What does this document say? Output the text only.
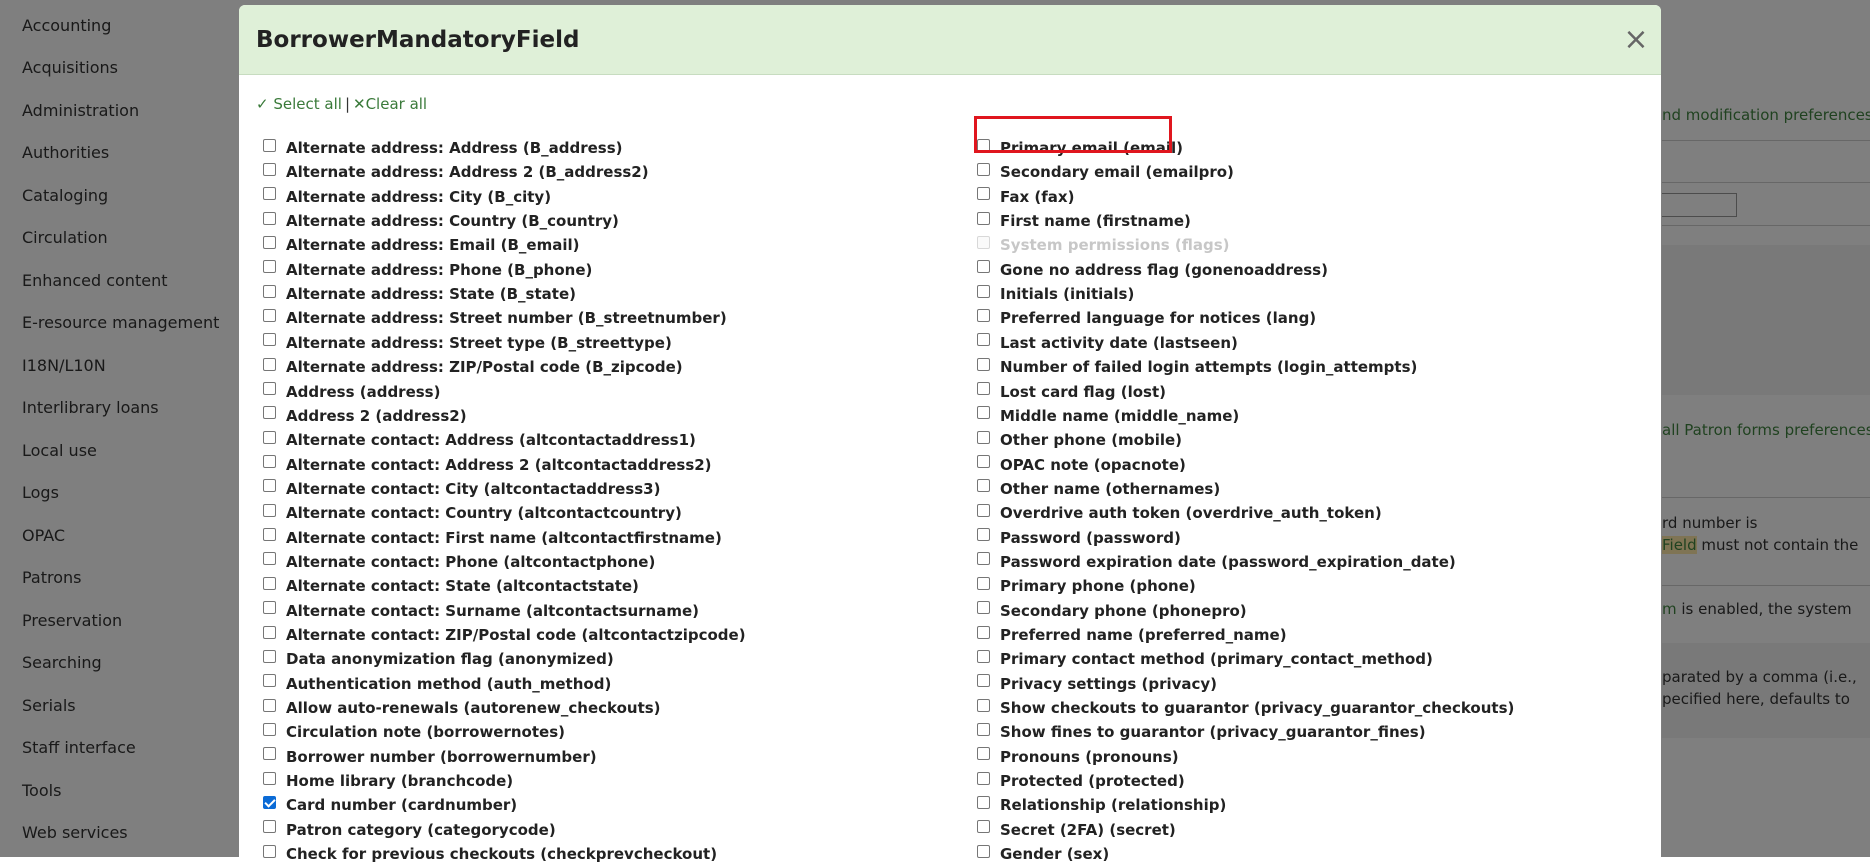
BorrowerMandatoryField	×
✓ Select all | ✕Clear all
Alternate address: Address (B_address)
Alternate address: Address 2 (B_address2)
Alternate address: City (B_city)
Alternate address: Country (B_country)
Alternate address: Email (B_email)
Alternate address: Phone (B_phone)
Alternate address: State (B_state)
Alternate address: Street number (B_streetnumber)
Alternate address: Street type (B_streettype)
Alternate address: ZIP/Postal code (B_zipcode)
Address (address)
Address 2 (address2)
Alternate contact: Address (altcontactaddress1)
Alternate contact: Address 2 (altcontactaddress2)
Alternate contact: City (altcontactaddress3)
Alternate contact: Country (altcontactcountry)
Alternate contact: First name (altcontactfirstname)
Alternate contact: Phone (altcontactphone)
Alternate contact: State (altcontactstate)
Alternate contact: Surname (altcontactsurname)
Alternate contact: ZIP/Postal code (altcontactzipcode)
Data anonymization flag (anonymized)
Authentication method (auth_method)
Allow auto-renewals (autorenew_checkouts)
Circulation note (borrowernotes)
Borrower number (borrowernumber)
Home library (branchcode)
Card number (cardnumber)
Patron category (categorycode)
Check for previous checkouts (checkprevcheckout)
Primary email (email)
Secondary email (emailpro)
Fax (fax)
First name (firstname)
System permissions (flags)
Gone no address flag (gonenoaddress)
Initials (initials)
Preferred language for notices (lang)
Last activity date (lastseen)
Number of failed login attempts (login_attempts)
Lost card flag (lost)
Middle name (middle_name)
Other phone (mobile)
OPAC note (opacnote)
Other name (othernames)
Overdrive auth token (overdrive_auth_token)
Password (password)
Password expiration date (password_expiration_date)
Primary phone (phone)
Secondary phone (phonepro)
Preferred name (preferred_name)
Primary contact method (primary_contact_method)
Privacy settings (privacy)
Show checkouts to guarantor (privacy_guarantor_checkouts)
Show fines to guarantor (privacy_guarantor_fines)
Pronouns (pronouns)
Protected (protected)
Relationship (relationship)
Secret (2FA) (secret)
Gender (sex)
